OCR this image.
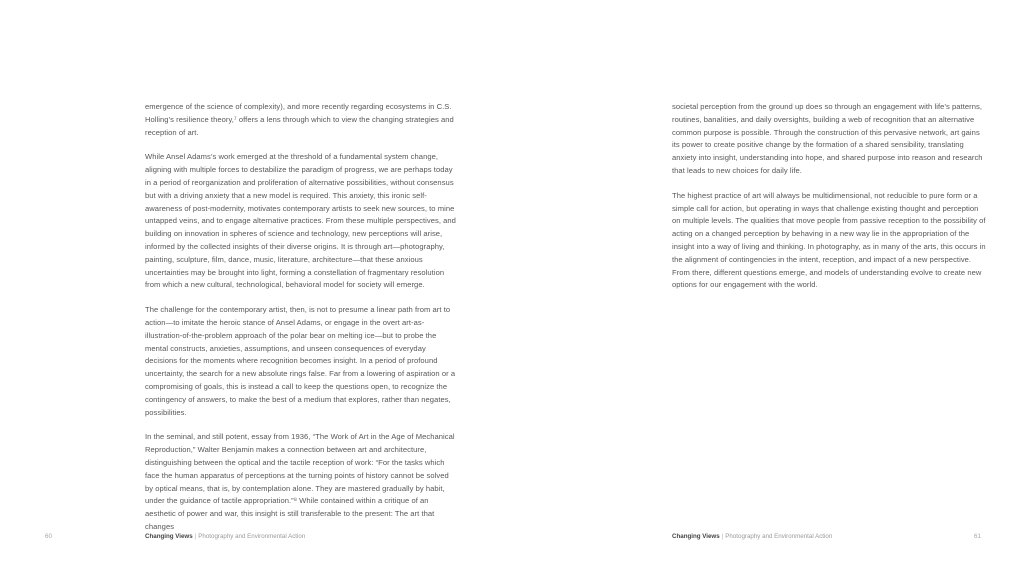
emergence of the science of complexity), and more recently regarding ecosystems in C.S. Holling’s resilience theory,⁷ offers a lens through which to view the changing strategies and reception of art.

While Ansel Adams’s work emerged at the threshold of a fundamental system change, aligning with multiple forces to destabilize the paradigm of progress, we are perhaps today in a period of reorganization and proliferation of alternative possibilities, without consensus but with a driving anxiety that a new model is required. This anxiety, this ironic self-awareness of post-modernity, motivates contemporary artists to seek new sources, to mine untapped veins, and to engage alternative practices. From these multiple perspectives, and building on innovation in spheres of science and technology, new perceptions will arise, informed by the collected insights of their diverse origins. It is through art—photography, painting, sculpture, film, dance, music, literature, architecture—that these anxious uncertainties may be brought into light, forming a constellation of fragmentary resolution from which a new cultural, technological, behavioral model for society will emerge.

The challenge for the contemporary artist, then, is not to presume a linear path from art to action—to imitate the heroic stance of Ansel Adams, or engage in the overt art-as-illustration-of-the-problem approach of the polar bear on melting ice—but to probe the mental constructs, anxieties, assumptions, and unseen consequences of everyday decisions for the moments where recognition becomes insight. In a period of profound uncertainty, the search for a new absolute rings false. Far from a lowering of aspiration or a compromising of goals, this is instead a call to keep the questions open, to recognize the contingency of answers, to make the best of a medium that explores, rather than negates, possibilities.

In the seminal, and still potent, essay from 1936, “The Work of Art in the Age of Mechanical Reproduction,” Walter Benjamin makes a connection between art and architecture, distinguishing between the optical and the tactile reception of work: “For the tasks which face the human apparatus of perceptions at the turning points of history cannot be solved by optical means, that is, by contemplation alone. They are mastered gradually by habit, under the guidance of tactile appropriation.”⁸ While contained within a critique of an aesthetic of power and war, this insight is still transferable to the present: The art that changes

60	Changing Views | Photography and Environmental Action

societal perception from the ground up does so through an engagement with life’s patterns, routines, banalities, and daily oversights, building a web of recognition that an alternative common purpose is possible. Through the construction of this pervasive network, art gains its power to create positive change by the formation of a shared sensibility, translating anxiety into insight, understanding into hope, and shared purpose into reason and research that leads to new choices for daily life.

The highest practice of art will always be multidimensional, not reducible to pure form or a simple call for action, but operating in ways that challenge existing thought and perception on multiple levels. The qualities that move people from passive reception to the possibility of acting on a changed perception by behaving in a new way lie in the appropriation of the insight into a way of living and thinking. In photography, as in many of the arts, this occurs in the alignment of contingencies in the intent, reception, and impact of a new perspective. From there, different questions emerge, and models of understanding evolve to create new options for our engagement with the world.

Changing Views | Photography and Environmental Action	61
